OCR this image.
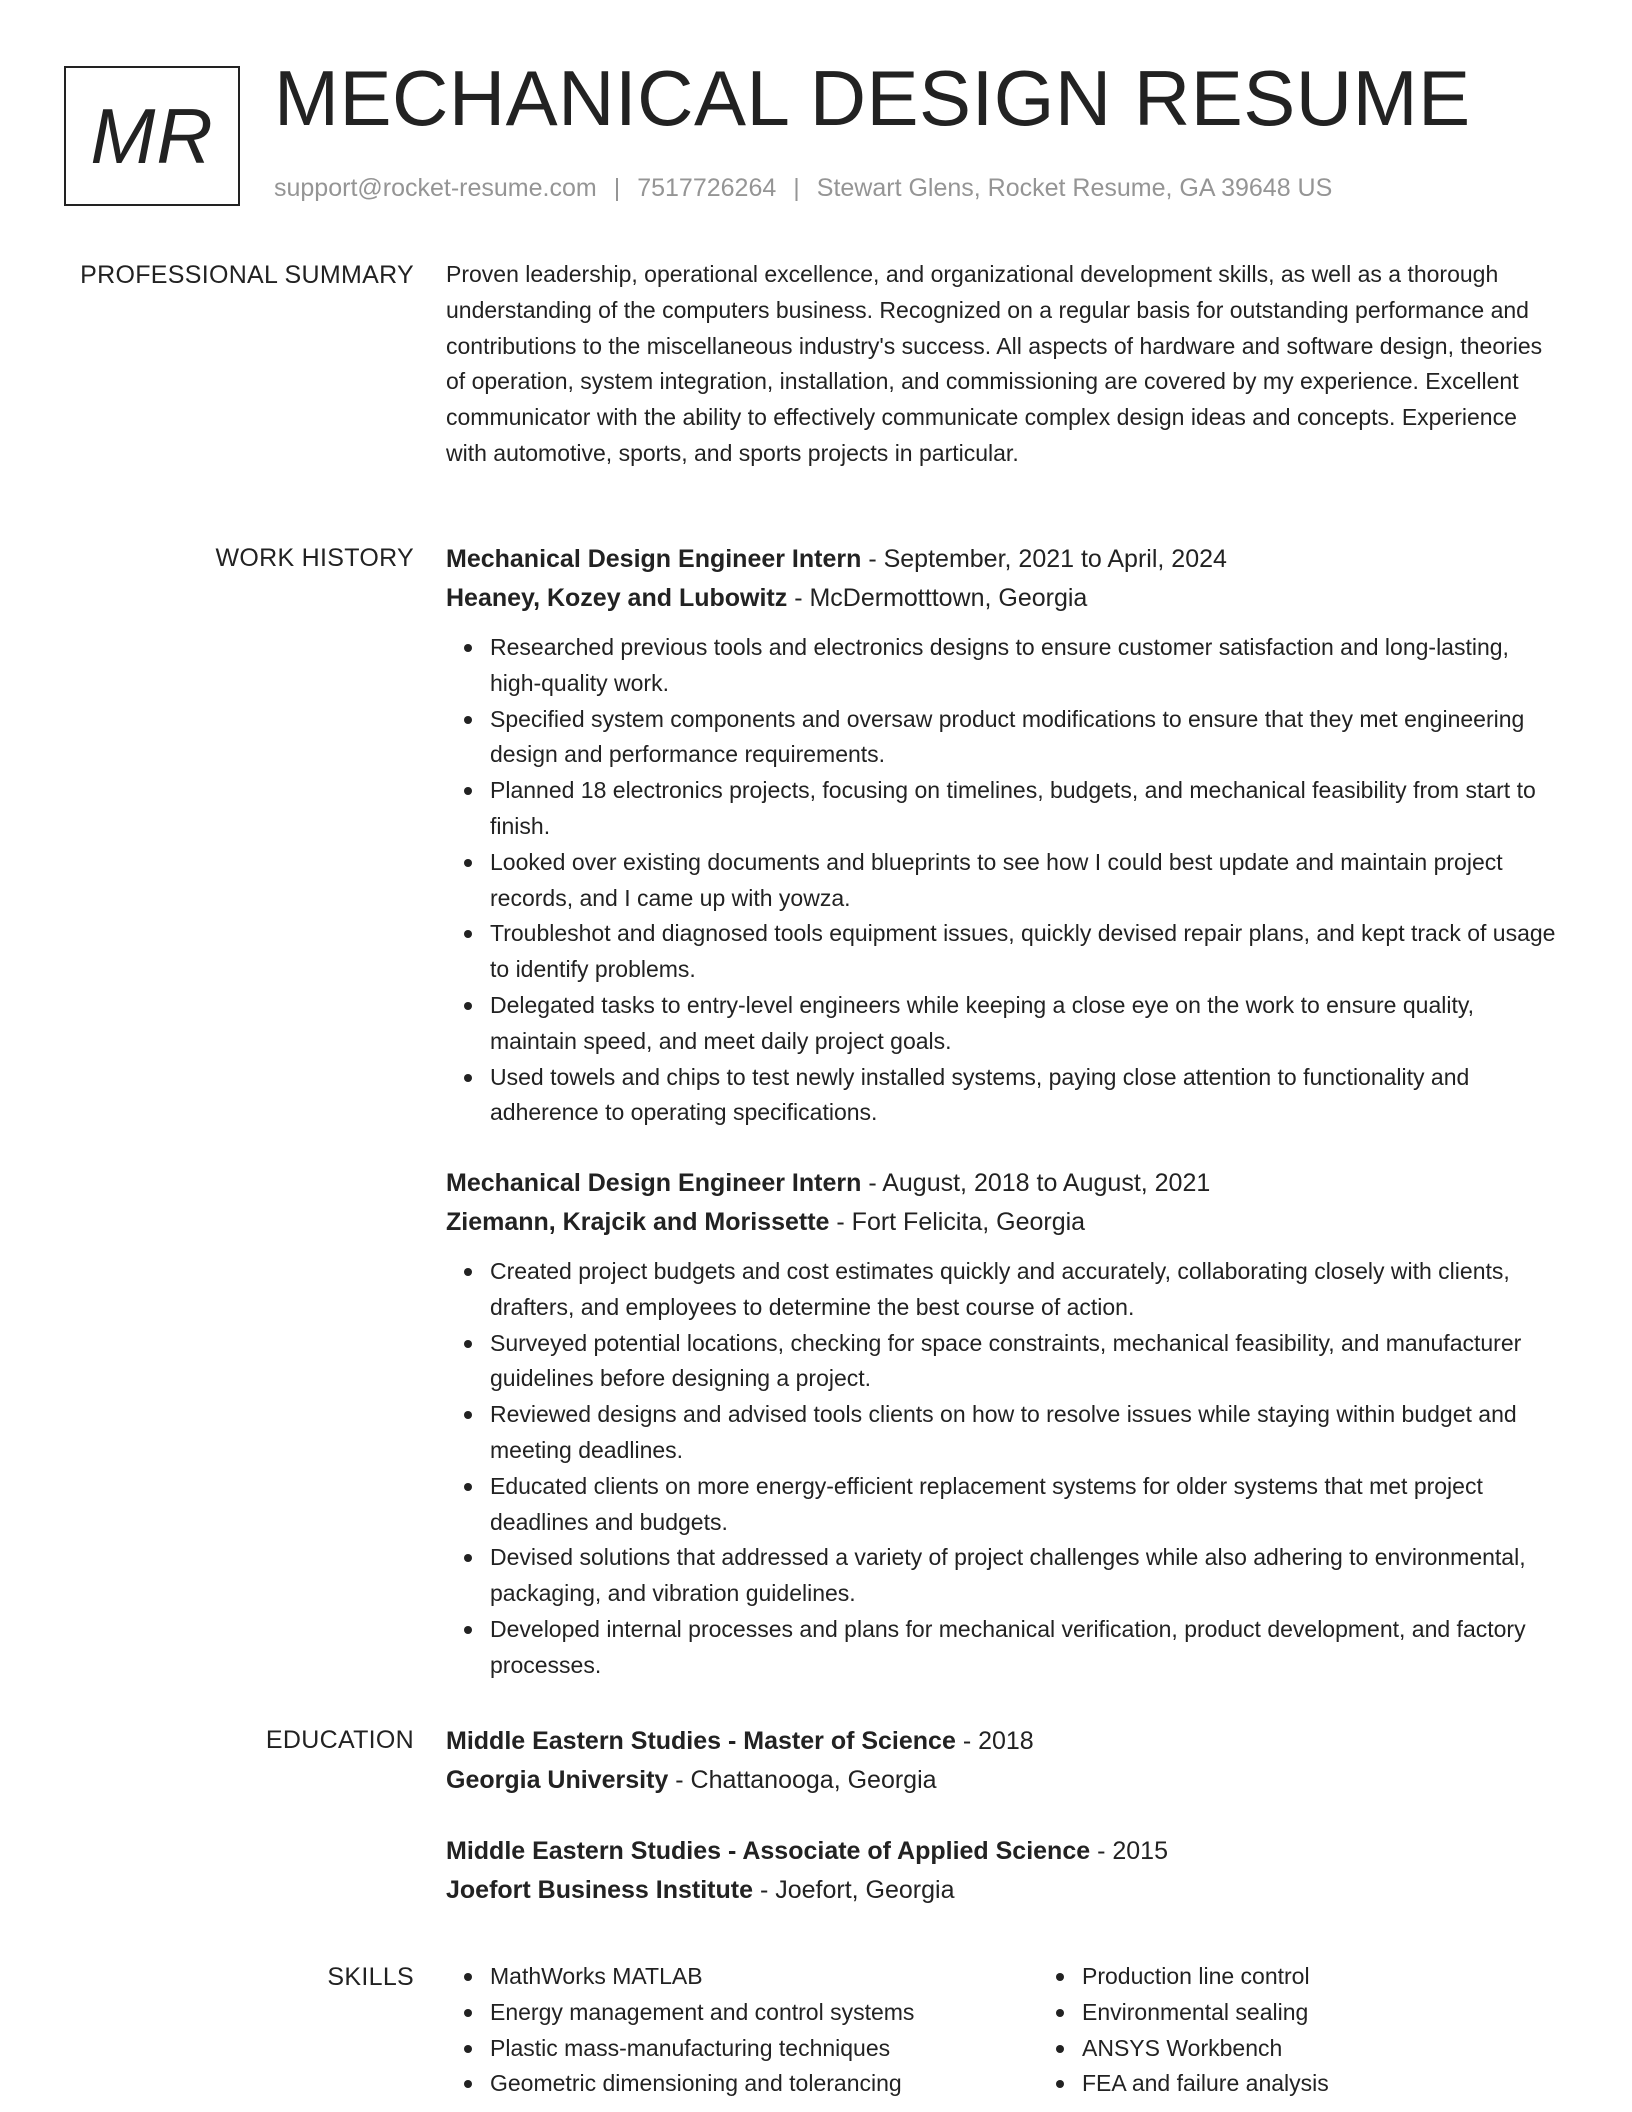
MR MECHANICAL DESIGN RESUME
support@rocket-resume.com | 7517726264 | Stewart Glens, Rocket Resume, GA 39648 US
PROFESSIONAL SUMMARY Proven leadership, operational excellence, and organizational development skills, as well as a thorough understanding of the computers business. Recognized on a regular basis for outstanding performance and contributions to the miscellaneous industry's success. All aspects of hardware and software design, theories of operation, system integration, installation, and commissioning are covered by my experience. Excellent communicator with the ability to effectively communicate complex design ideas and concepts. Experience with automotive, sports, and sports projects in particular.

WORK HISTORY Mechanical Design Engineer Intern - September, 2021 to April, 2024

Heaney, Kozey and Lubowitz - McDermotttown, Georgia

Researched previous tools and electronics designs to ensure customer satisfaction and long-lasting, high-quality work.
Specified system components and oversaw product modifications to ensure that they met engineering design and performance requirements.
Planned 18 electronics projects, focusing on timelines, budgets, and mechanical feasibility from start to finish.
Looked over existing documents and blueprints to see how I could best update and maintain project records, and I came up with yowza.
Troubleshot and diagnosed tools equipment issues, quickly devised repair plans, and kept track of usage to identify problems.
Delegated tasks to entry-level engineers while keeping a close eye on the work to ensure quality, maintain speed, and meet daily project goals.
Used towels and chips to test newly installed systems, paying close attention to functionality and adherence to operating specifications.

Mechanical Design Engineer Intern - August, 2018 to August, 2021

Ziemann, Krajcik and Morissette - Fort Felicita, Georgia

Created project budgets and cost estimates quickly and accurately, collaborating closely with clients, drafters, and employees to determine the best course of action.
Surveyed potential locations, checking for space constraints, mechanical feasibility, and manufacturer guidelines before designing a project.
Reviewed designs and advised tools clients on how to resolve issues while staying within budget and meeting deadlines.
Educated clients on more energy-efficient replacement systems for older systems that met project deadlines and budgets.
Devised solutions that addressed a variety of project challenges while also adhering to environmental, packaging, and vibration guidelines.
Developed internal processes and plans for mechanical verification, product development, and factory processes.
EDUCATION Middle Eastern Studies - Master of Science - 2018

Georgia University - Chattanooga, Georgia

Middle Eastern Studies - Associate of Applied Science - 2015

Joefort Business Institute - Joefort, Georgia

SKILLS	MathWorks MATLAB
Energy management and control systems
Plastic mass-manufacturing techniques
Geometric dimensioning and tolerancing
Production line control
Environmental sealing
ANSYS Workbench
FEA and failure analysis
